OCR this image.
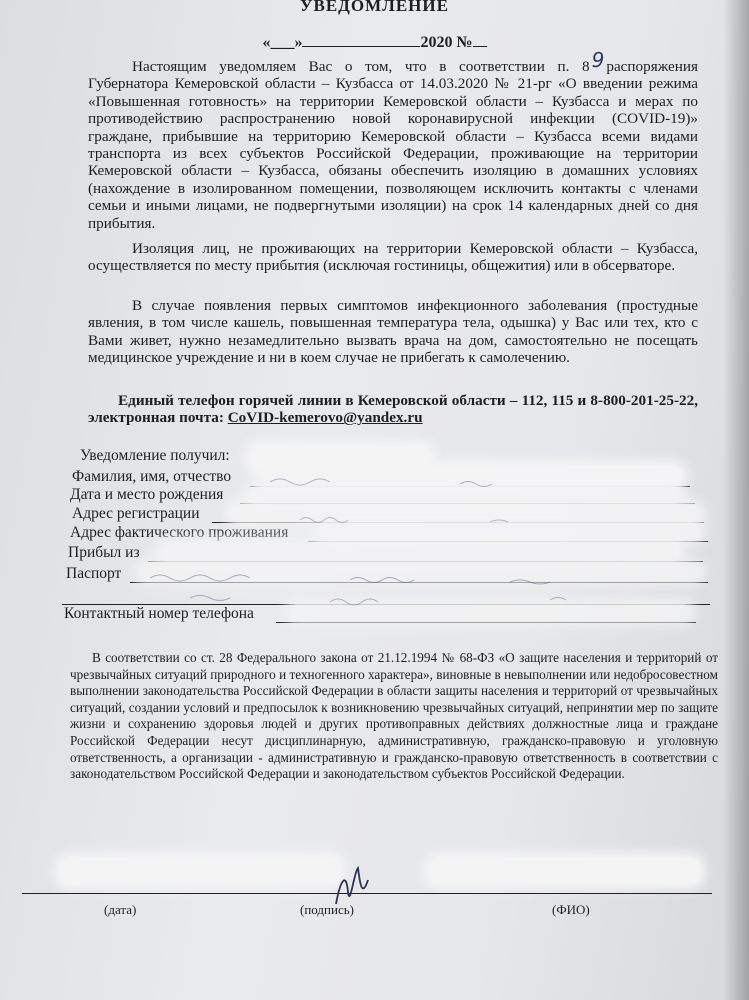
УВЕДОМЛЕНИЕ
«___»	2020 №

Настоящим уведомляем Вас о том, что в соответствии п. 8 9 распоряжения Губернатора Кемеровской области – Кузбасса от 14.03.2020 № 21-рг «О введении режима «Повышенная готовность» на территории Кемеровской области – Кузбасса и мерах по противодействию распространению новой коронавирусной инфекции (COVID-19)» граждане, прибывшие на территорию Кемеровской области – Кузбасса всеми видами транспорта из всех субъектов Российской Федерации, проживающие на территории Кемеровской области – Кузбасса, обязаны обеспечить изоляцию в домашних условиях (нахождение в изолированном помещении, позволяющем исключить контакты с членами семьи и иными лицами, не подвергнутыми изоляции) на срок 14 календарных дней со дня прибытия.

Изоляция лиц, не проживающих на территории Кемеровской области – Кузбасса, осуществляется по месту прибытия (исключая гостиницы, общежития) или в обсерваторе.

В случае появления первых симптомов инфекционного заболевания (простудные явления, в том числе кашель, повышенная температура тела, одышка) у Вас или тех, кто с Вами живет, нужно незамедлительно вызвать врача на дом, самостоятельно не посещать медицинское учреждение и ни в коем случае не прибегать к самолечению.

Единый телефон горячей линии в Кемеровской области – 112, 115 и 8-800-201-25-22, электронная почта: CoVID-kemerovo@yandex.ru

Уведомление получил:
Фамилия, имя, отчество
Дата и место рождения
Адрес регистрации
Адрес фактического проживания
Прибыл из
Паспорт
Контактный номер телефона

В соответствии со ст. 28 Федерального закона от 21.12.1994 № 68-ФЗ «О защите населения и территорий от чрезвычайных ситуаций природного и техногенного характера», виновные в невыполнении или недобросовестном выполнении законодательства Российской Федерации в области защиты населения и территорий от чрезвычайных ситуаций, создании условий и предпосылок к возникновению чрезвычайных ситуаций, непринятии мер по защите жизни и сохранению здоровья людей и других противоправных действиях должностные лица и граждане Российской Федерации несут дисциплинарную, административную, гражданско-правовую и уголовную ответственность, а организации - административную и гражданско-правовую ответственность в соответствии с законодательством Российской Федерации и законодательством субъектов Российской Федерации.

(дата)	(подпись)	(ФИО)
